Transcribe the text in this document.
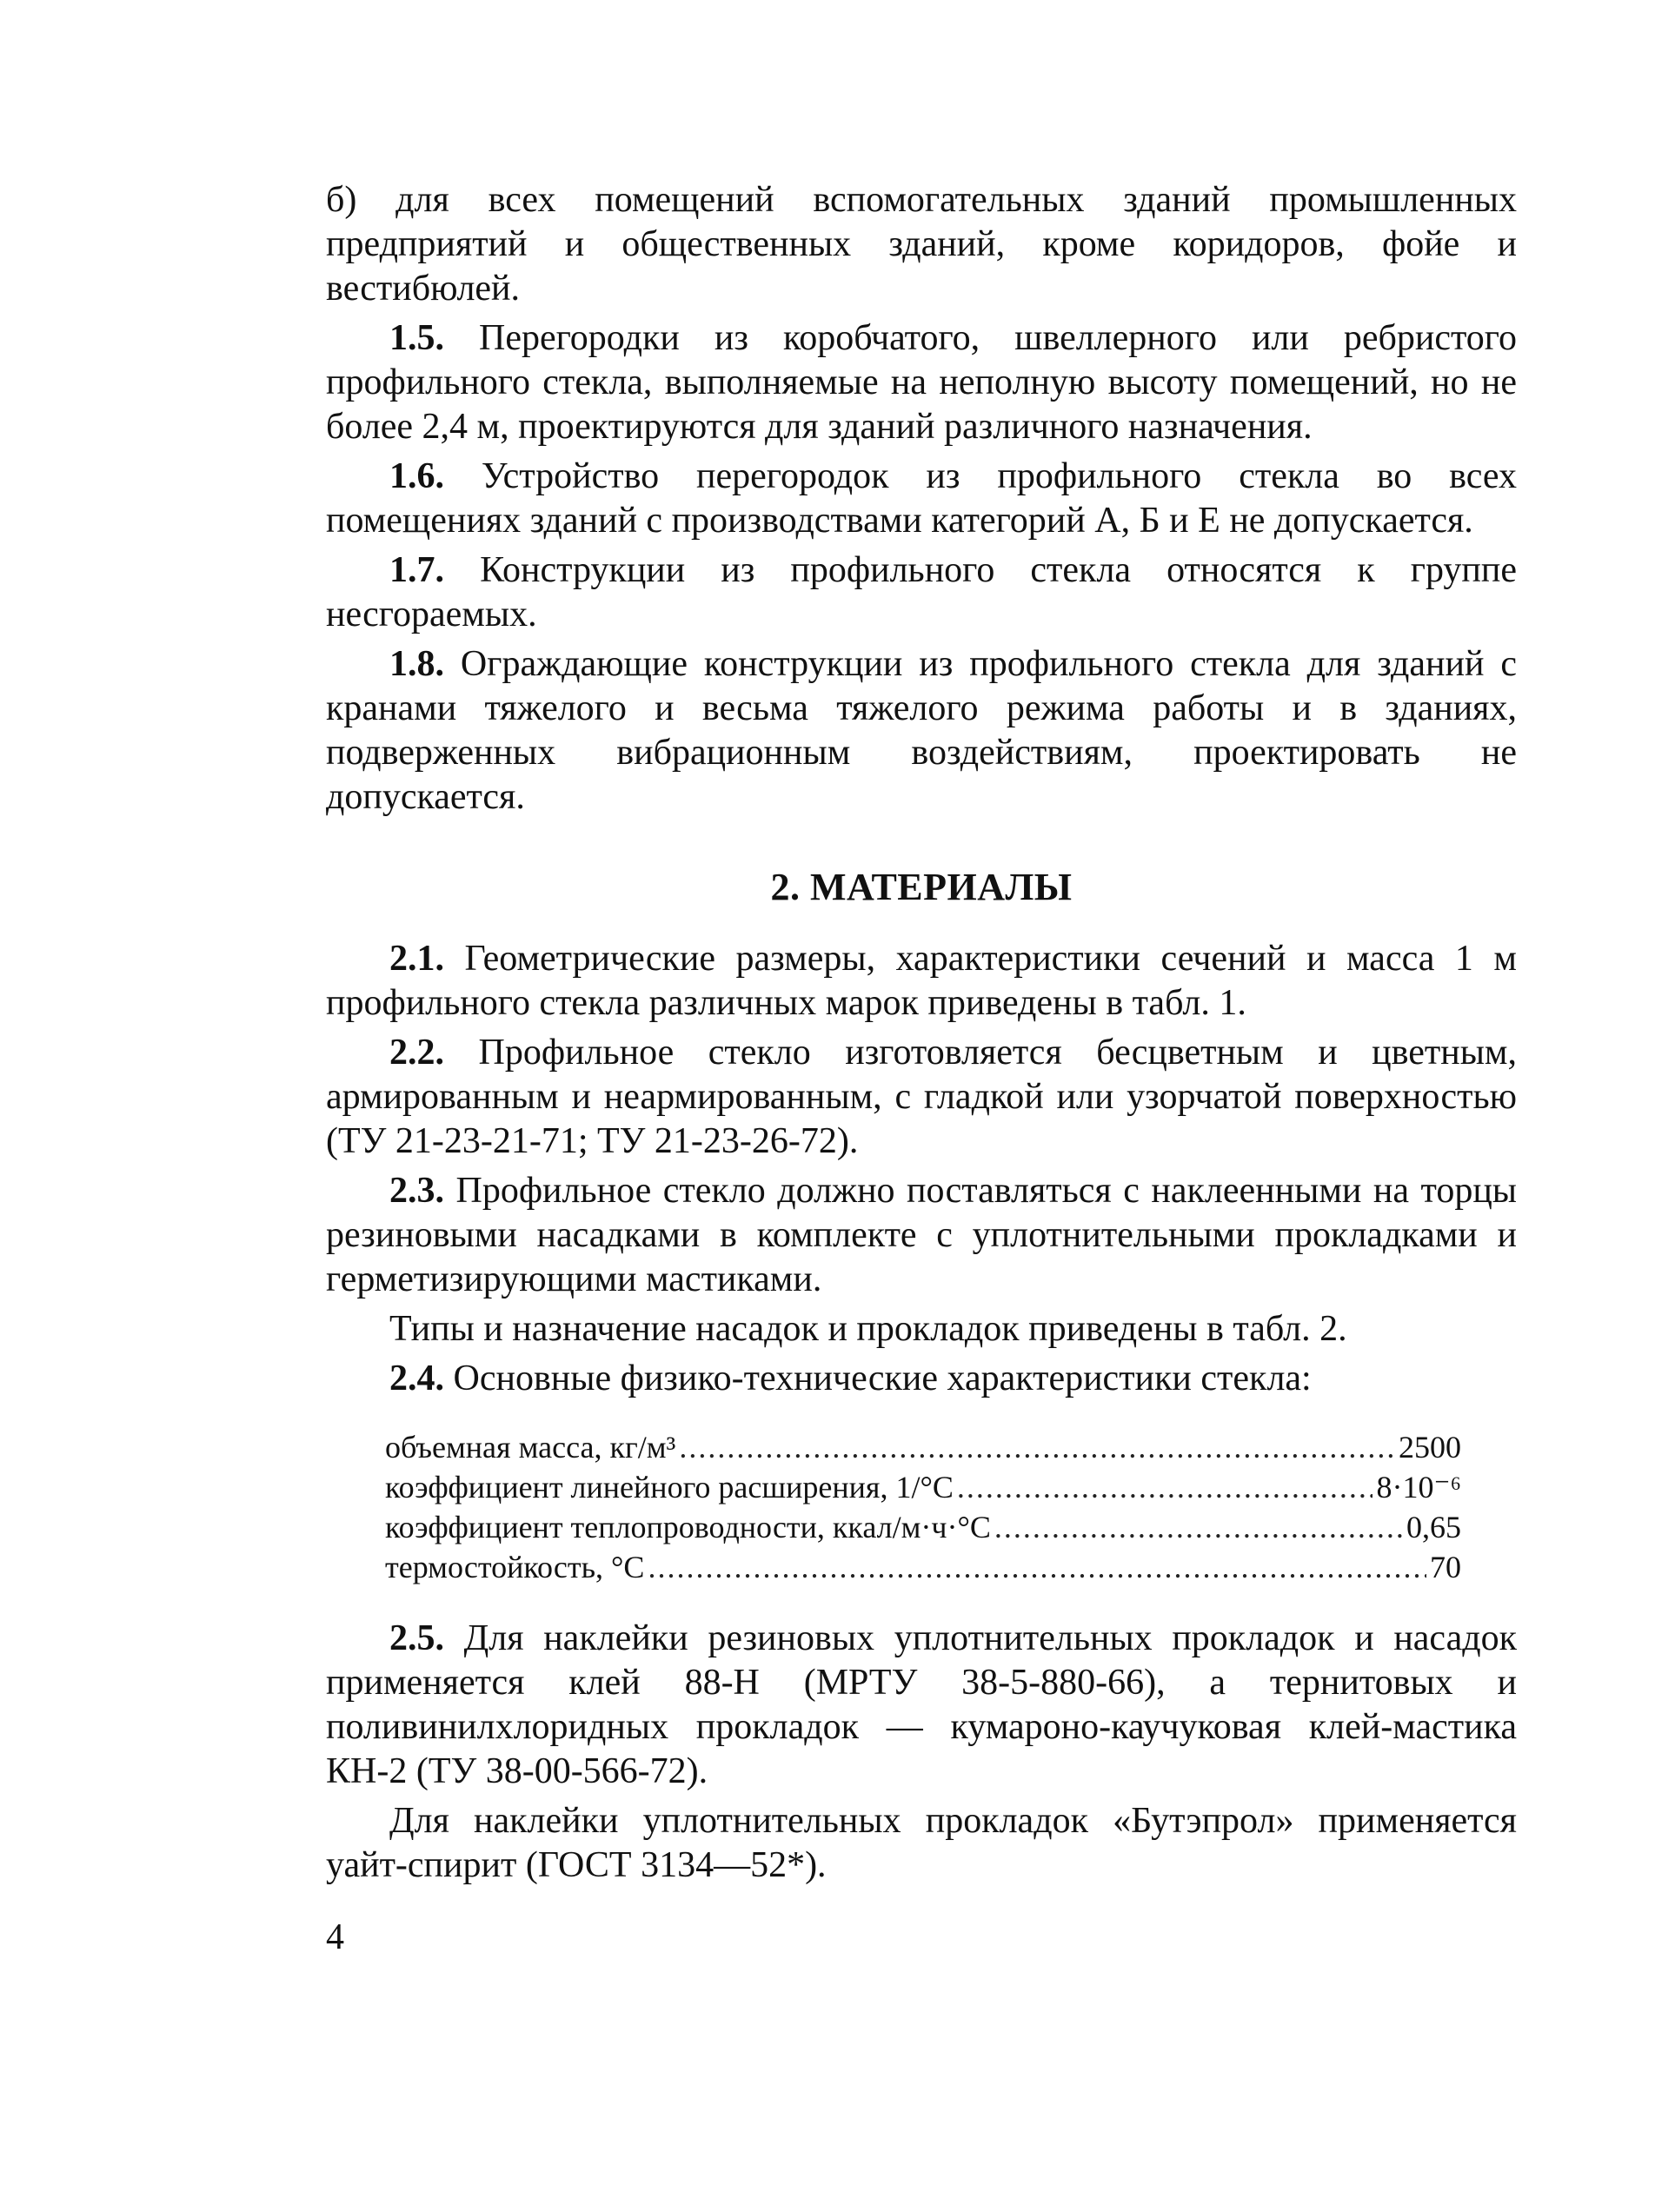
б) для всех помещений вспомогательных зданий промышленных предприятий и общественных зданий, кроме коридоров, фойе и вестибюлей.

1.5. Перегородки из коробчатого, швеллерного или ребристого профильного стекла, выполняемые на неполную высоту помещений, но не более 2,4 м, проектируются для зданий различного назначения.

1.6. Устройство перегородок из профильного стекла во всех помещениях зданий с производствами категорий А, Б и Е не допускается.

1.7. Конструкции из профильного стекла относятся к группе несгораемых.

1.8. Ограждающие конструкции из профильного стекла для зданий с кранами тяжелого и весьма тяжелого режима работы и в зданиях, подверженных вибрационным воздействиям, проектировать не допускается.

2. МАТЕРИАЛЫ

2.1. Геометрические размеры, характеристики сечений и масса 1 м профильного стекла различных марок приведены в табл. 1.

2.2. Профильное стекло изготовляется бесцветным и цветным, армированным и неармированным, с гладкой или узорчатой поверхностью (ТУ 21-23-21-71; ТУ 21-23-26-72).

2.3. Профильное стекло должно поставляться с наклеенными на торцы резиновыми насадками в комплекте с уплотнительными прокладками и герметизирующими мастиками.

Типы и назначение насадок и прокладок приведены в табл. 2.

2.4. Основные физико-технические характеристики стекла:

объемная масса, кг/м³ .....	2500
коэффициент линейного расширения, 1/°С .....	8·10⁻⁶
коэффициент теплопроводности, ккал/м·ч·°С .....	0,65
термостойкость, °С .....	70

2.5. Для наклейки резиновых уплотнительных прокладок и насадок применяется клей 88-Н (МРТУ 38-5-880-66), а тернитовых и поливинилхлоридных прокладок — кумароно-каучуковая клей-мастика КН-2 (ТУ 38-00-566-72).

Для наклейки уплотнительных прокладок «Бутэпрол» применяется уайт-спирит (ГОСТ 3134—52*).

4
